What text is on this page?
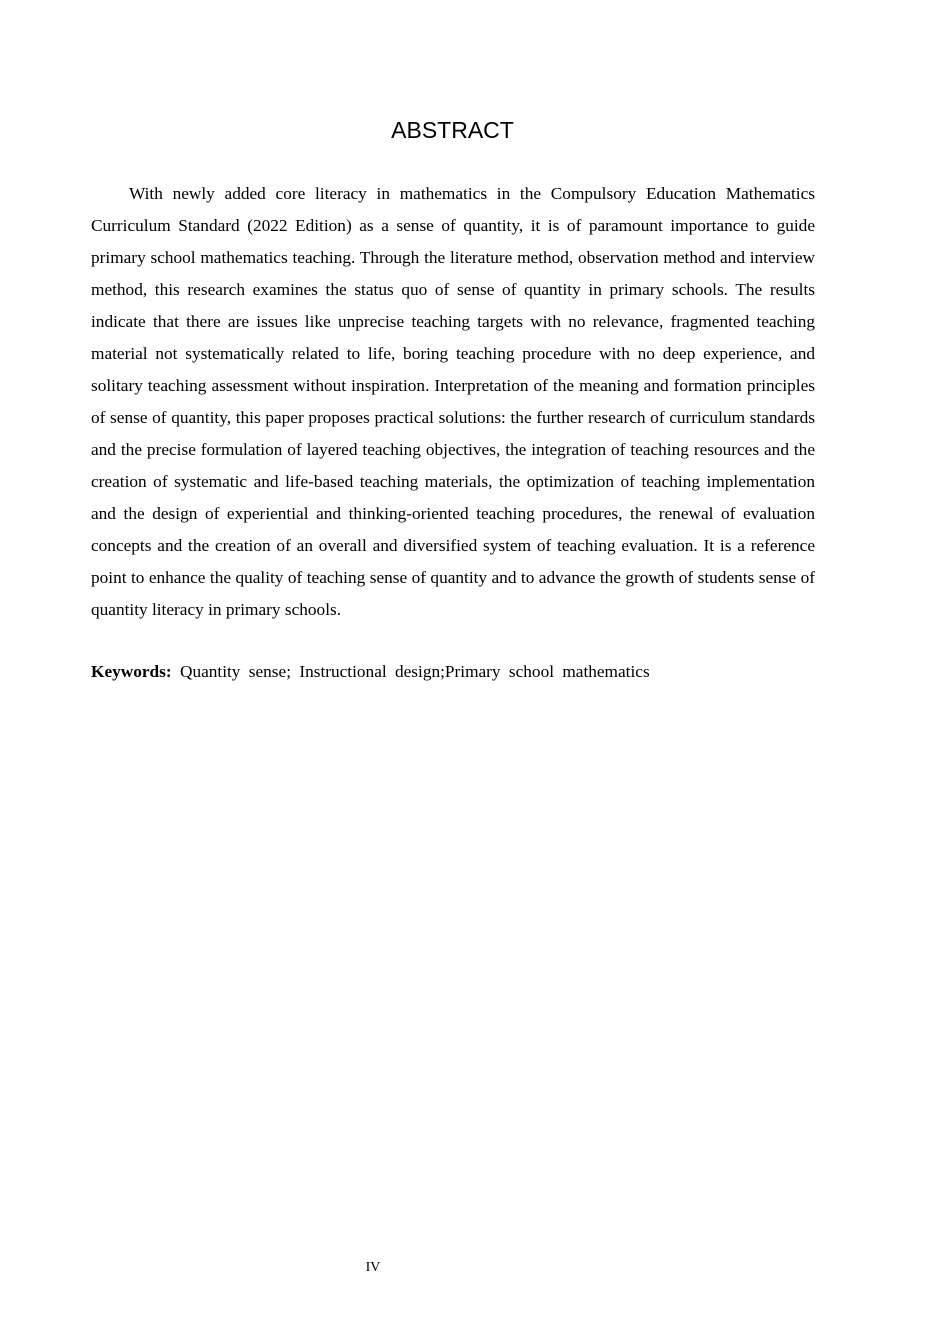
ABSTRACT

With newly added core literacy in mathematics in the Compulsory Education Mathematics Curriculum Standard (2022 Edition) as a sense of quantity, it is of paramount importance to guide primary school mathematics teaching. Through the literature method, observation method and interview method, this research examines the status quo of sense of quantity in primary schools. The results indicate that there are issues like unprecise teaching targets with no relevance, fragmented teaching material not systematically related to life, boring teaching procedure with no deep experience, and solitary teaching assessment without inspiration. Interpretation of the meaning and formation principles of sense of quantity, this paper proposes practical solutions: the further research of curriculum standards and the precise formulation of layered teaching objectives, the integration of teaching resources and the creation of systematic and life-based teaching materials, the optimization of teaching implementation and the design of experiential and thinking-oriented teaching procedures, the renewal of evaluation concepts and the creation of an overall and diversified system of teaching evaluation. It is a reference point to enhance the quality of teaching sense of quantity and to advance the growth of students sense of quantity literacy in primary schools.

Keywords: Quantity sense; Instructional design;Primary school mathematics

IV
